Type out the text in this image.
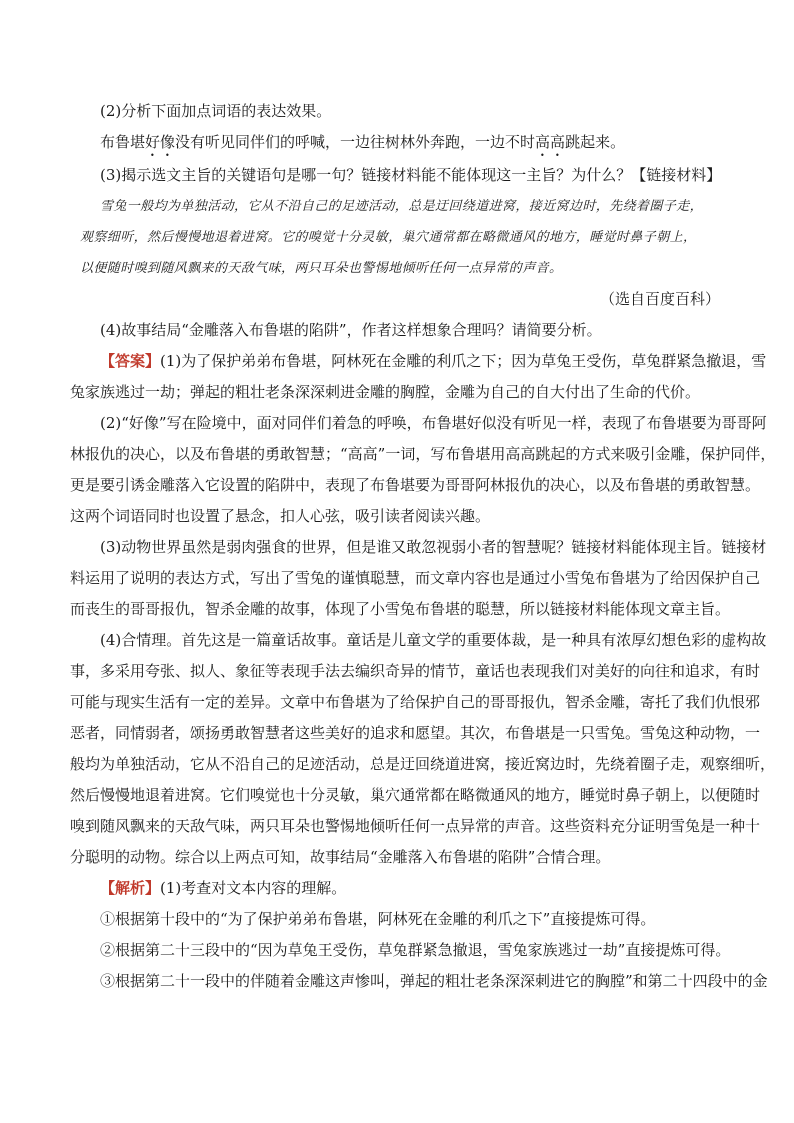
(2)分析下面加点词语的表达效果。

布鲁堪好像没有听见同伴们的呼喊，一边往树林外奔跑，一边不时高高跳起来。

(3)揭示选文主旨的关键语句是哪一句？链接材料能不能体现这一主旨？为什么？【链接材料】

雪兔一般均为单独活动，它从不沿自己的足迹活动，总是迂回绕道进窝，接近窝边时，先绕着圈子走，

观察细听，然后慢慢地退着进窝。它的嗅觉十分灵敏，巢穴通常都在略微通风的地方，睡觉时鼻子朝上，

以便随时嗅到随风飘来的天敌气味，两只耳朵也警惕地倾听任何一点异常的声音。

（选自百度百科）

(4)故事结局“金雕落入布鲁堪的陷阱”，作者这样想象合理吗？请简要分析。

【答案】(1)为了保护弟弟布鲁堪，阿林死在金雕的利爪之下；因为草兔王受伤，草兔群紧急撤退，雪

兔家族逃过一劫；弹起的粗壮老条深深刺进金雕的胸膛，金雕为自己的自大付出了生命的代价。

(2)“好像”写在险境中，面对同伴们着急的呼唤，布鲁堪好似没有听见一样，表现了布鲁堪要为哥哥阿

林报仇的决心，以及布鲁堪的勇敢智慧；“高高”一词，写布鲁堪用高高跳起的方式来吸引金雕，保护同伴，

更是要引诱金雕落入它设置的陷阱中，表现了布鲁堪要为哥哥阿林报仇的决心，以及布鲁堪的勇敢智慧。

这两个词语同时也设置了悬念，扣人心弦，吸引读者阅读兴趣。

(3)动物世界虽然是弱肉强食的世界，但是谁又敢忽视弱小者的智慧呢？链接材料能体现主旨。链接材

料运用了说明的表达方式，写出了雪兔的谨慎聪慧，而文章内容也是通过小雪兔布鲁堪为了给因保护自己

而丧生的哥哥报仇，智杀金雕的故事，体现了小雪兔布鲁堪的聪慧，所以链接材料能体现文章主旨。

(4)合情理。首先这是一篇童话故事。童话是儿童文学的重要体裁，是一种具有浓厚幻想色彩的虚构故

事，多采用夸张、拟人、象征等表现手法去编织奇异的情节，童话也表现我们对美好的向往和追求，有时

可能与现实生活有一定的差异。文章中布鲁堪为了给保护自己的哥哥报仇，智杀金雕，寄托了我们仇恨邪

恶者，同情弱者，颂扬勇敢智慧者这些美好的追求和愿望。其次，布鲁堪是一只雪兔。雪兔这种动物，一

般均为单独活动，它从不沿自己的足迹活动，总是迂回绕道进窝，接近窝边时，先绕着圈子走，观察细听，

然后慢慢地退着进窝。它们嗅觉也十分灵敏，巢穴通常都在略微通风的地方，睡觉时鼻子朝上，以便随时

嗅到随风飘来的天敌气味，两只耳朵也警惕地倾听任何一点异常的声音。这些资料充分证明雪兔是一种十

分聪明的动物。综合以上两点可知，故事结局“金雕落入布鲁堪的陷阱”合情合理。

【解析】(1)考查对文本内容的理解。

①根据第十段中的“为了保护弟弟布鲁堪，阿林死在金雕的利爪之下”直接提炼可得。

②根据第二十三段中的“因为草兔王受伤，草兔群紧急撤退，雪兔家族逃过一劫”直接提炼可得。

③根据第二十一段中的伴随着金雕这声惨叫，弹起的粗壮老条深深刺进它的胸膛”和第二十四段中的金
